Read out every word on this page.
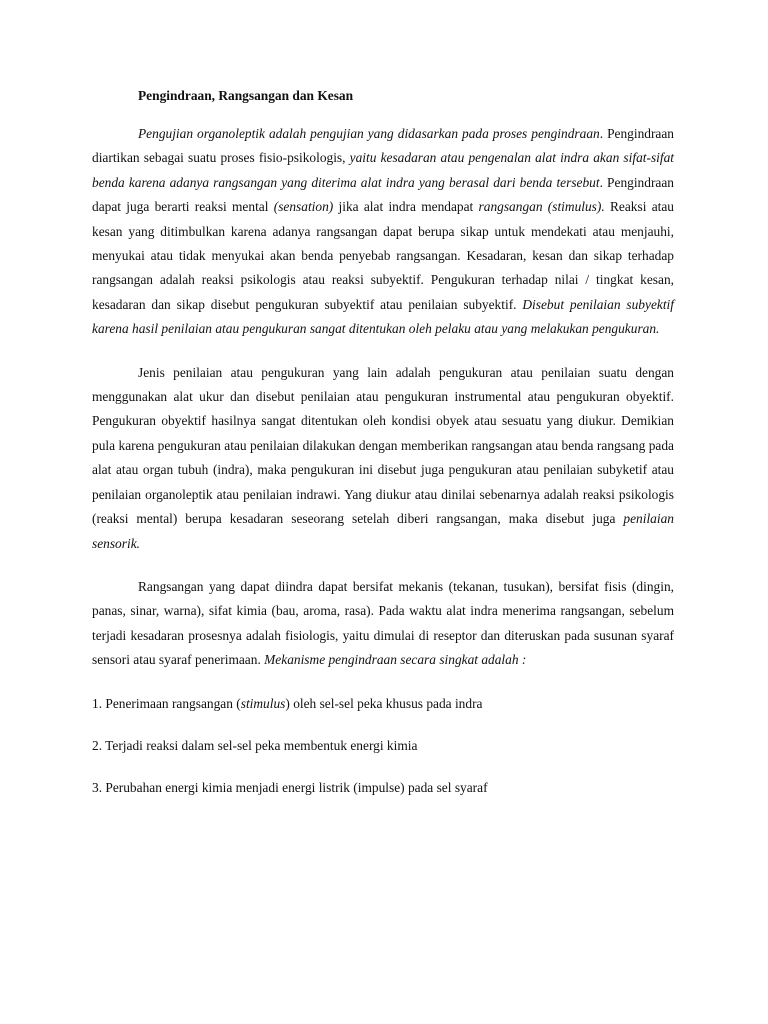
Pengindraan, Rangsangan dan Kesan

Pengujian organoleptik adalah pengujian yang didasarkan pada proses pengindraan. Pengindraan diartikan sebagai suatu proses fisio-psikologis, yaitu kesadaran atau pengenalan alat indra akan sifat-sifat benda karena adanya rangsangan yang diterima alat indra yang berasal dari benda tersebut. Pengindraan dapat juga berarti reaksi mental (sensation) jika alat indra mendapat rangsangan (stimulus). Reaksi atau kesan yang ditimbulkan karena adanya rangsangan dapat berupa sikap untuk mendekati atau menjauhi, menyukai atau tidak menyukai akan benda penyebab rangsangan. Kesadaran, kesan dan sikap terhadap rangsangan adalah reaksi psikologis atau reaksi subyektif. Pengukuran terhadap nilai / tingkat kesan, kesadaran dan sikap disebut pengukuran subyektif atau penilaian subyektif. Disebut penilaian subyektif karena hasil penilaian atau pengukuran sangat ditentukan oleh pelaku atau yang melakukan pengukuran.

Jenis penilaian atau pengukuran yang lain adalah pengukuran atau penilaian suatu dengan menggunakan alat ukur dan disebut penilaian atau pengukuran instrumental atau pengukuran obyektif. Pengukuran obyektif hasilnya sangat ditentukan oleh kondisi obyek atau sesuatu yang diukur. Demikian pula karena pengukuran atau penilaian dilakukan dengan memberikan rangsangan atau benda rangsang pada alat atau organ tubuh (indra), maka pengukuran ini disebut juga pengukuran atau penilaian subyketif atau penilaian organoleptik atau penilaian indrawi. Yang diukur atau dinilai sebenarnya adalah reaksi psikologis (reaksi mental) berupa kesadaran seseorang setelah diberi rangsangan, maka disebut juga penilaian sensorik.

Rangsangan yang dapat diindra dapat bersifat mekanis (tekanan, tusukan), bersifat fisis (dingin, panas, sinar, warna), sifat kimia (bau, aroma, rasa). Pada waktu alat indra menerima rangsangan, sebelum terjadi kesadaran prosesnya adalah fisiologis, yaitu dimulai di reseptor dan diteruskan pada susunan syaraf sensori atau syaraf penerimaan. Mekanisme pengindraan secara singkat adalah :

1. Penerimaan rangsangan (stimulus) oleh sel-sel peka khusus pada indra

2. Terjadi reaksi dalam sel-sel peka membentuk energi kimia

3. Perubahan energi kimia menjadi energi listrik (impulse) pada sel syaraf
